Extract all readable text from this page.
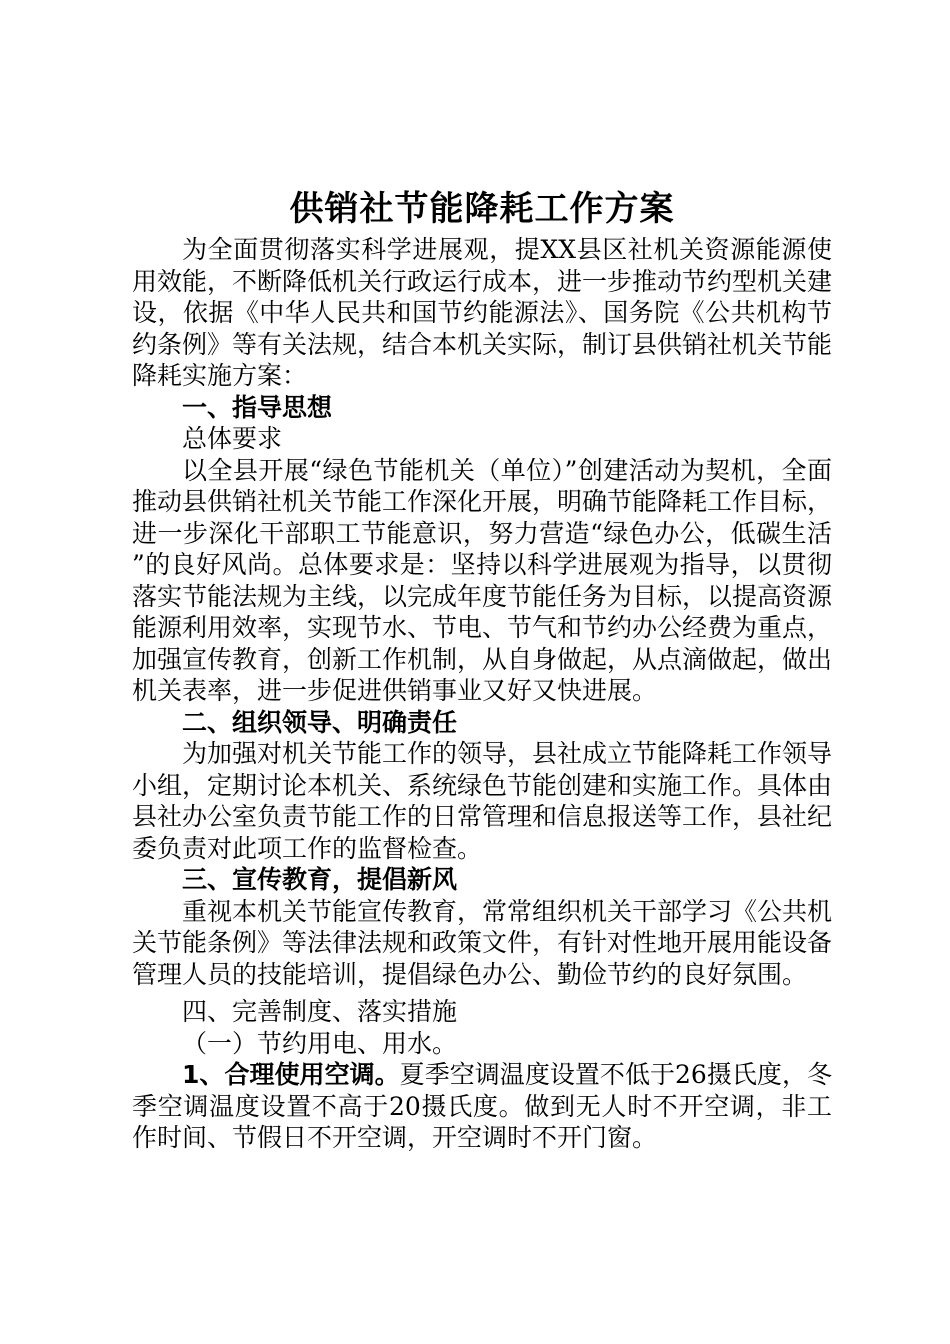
供销社节能降耗工作方案

为全面贯彻落实科学进展观，提XX县区社机关资源能源使用效能，不断降低机关行政运行成本，进一步推动节约型机关建设，依据《中华人民共和国节约能源法》、国务院《公共机构节约条例》等有关法规，结合本机关实际，制订县供销社机关节能降耗实施方案：

一、指导思想

总体要求

以全县开展“绿色节能机关（单位）”创建活动为契机，全面推动县供销社机关节能工作深化开展，明确节能降耗工作目标，进一步深化干部职工节能意识，努力营造“绿色办公，低碳生活”的良好风尚。总体要求是：坚持以科学进展观为指导，以贯彻落实节能法规为主线，以完成年度节能任务为目标，以提高资源能源利用效率，实现节水、节电、节气和节约办公经费为重点，加强宣传教育，创新工作机制，从自身做起，从点滴做起，做出机关表率，进一步促进供销事业又好又快进展。

二、组织领导、明确责任

为加强对机关节能工作的领导，县社成立节能降耗工作领导小组，定期讨论本机关、系统绿色节能创建和实施工作。具体由县社办公室负责节能工作的日常管理和信息报送等工作，县社纪委负责对此项工作的监督检查。

三、宣传教育，提倡新风

重视本机关节能宣传教育，常常组织机关干部学习《公共机关节能条例》等法律法规和政策文件，有针对性地开展用能设备管理人员的技能培训，提倡绿色办公、勤俭节约的良好氛围。

四、完善制度、落实措施

（一）节约用电、用水。

1、合理使用空调。夏季空调温度设置不低于26摄氏度，冬季空调温度设置不高于20摄氏度。做到无人时不开空调，非工作时间、节假日不开空调，开空调时不开门窗。
